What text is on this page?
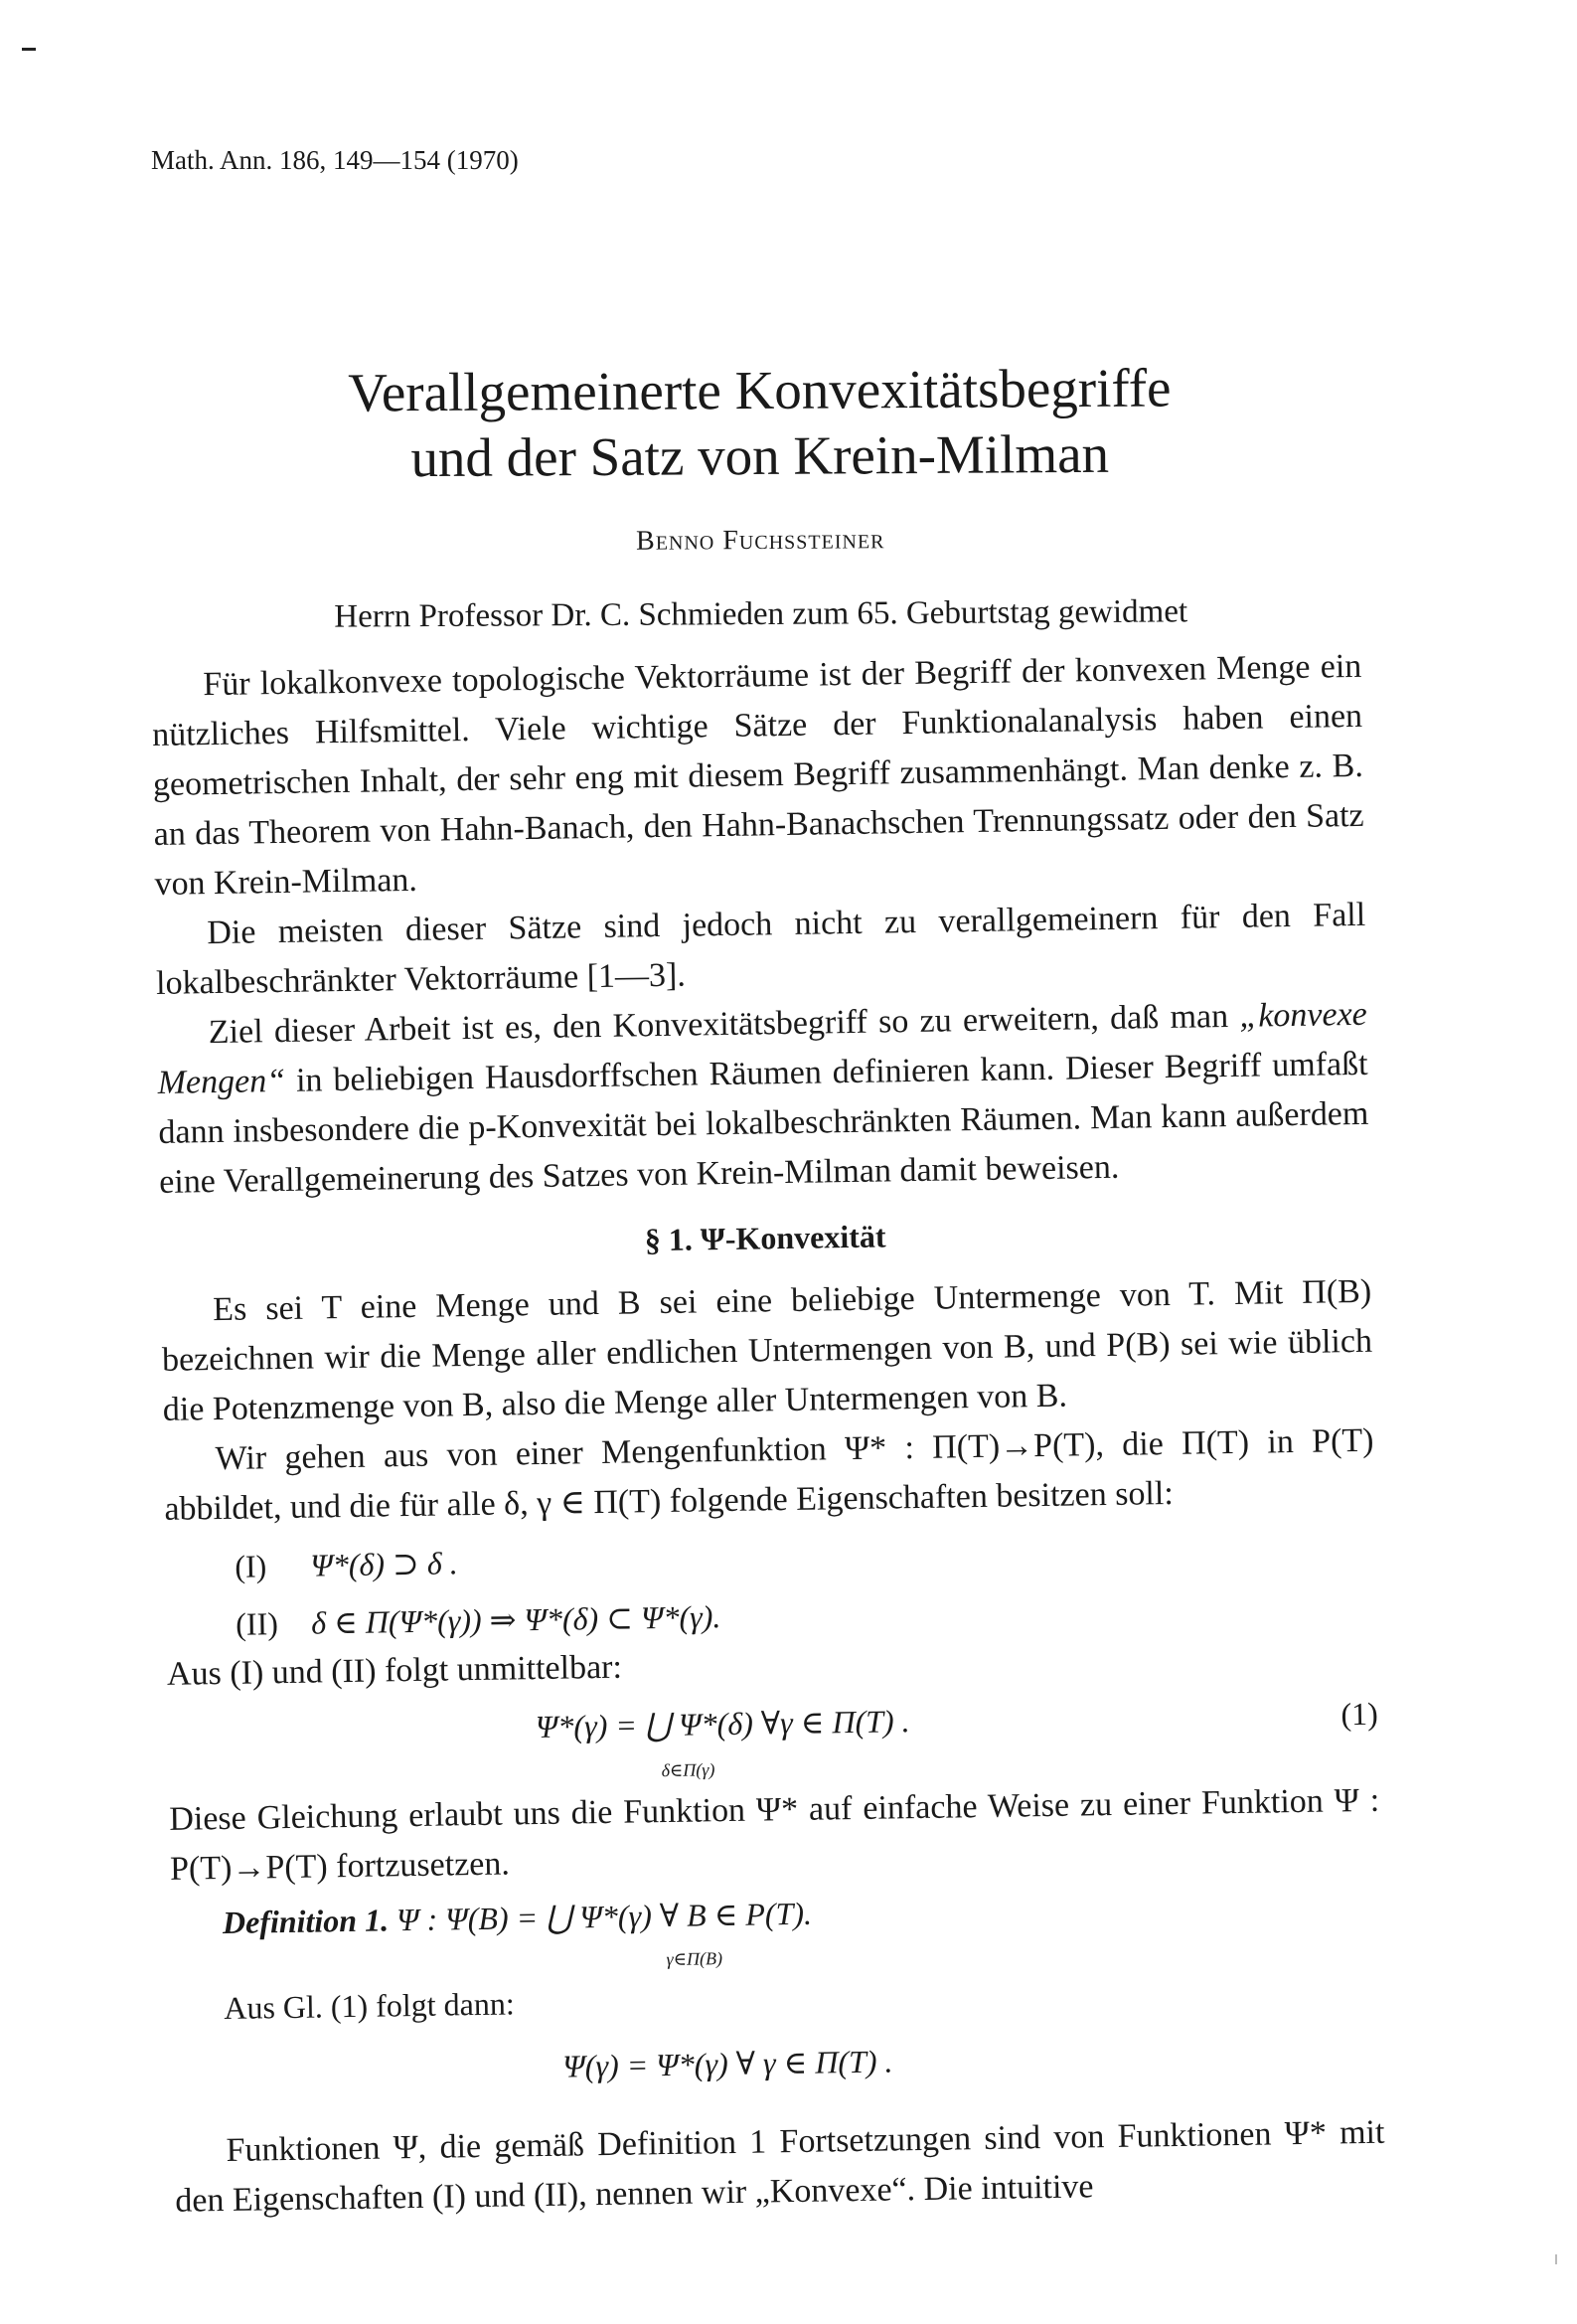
Math. Ann. 186, 149—154 (1970)
Verallgemeinerte Konvexitätsbegriffe
und der Satz von Krein-Milman
Benno Fuchssteiner
Herrn Professor Dr. C. Schmieden zum 65. Geburtstag gewidmet

Für lokalkonvexe topologische Vektorräume ist der Begriff der konvexen Menge ein nützliches Hilfsmittel. Viele wichtige Sätze der Funktionalanalysis haben einen geometrischen Inhalt, der sehr eng mit diesem Begriff zusammenhängt. Man denke z. B. an das Theorem von Hahn-Banach, den Hahn-Banachschen Trennungssatz oder den Satz von Krein-Milman.

Die meisten dieser Sätze sind jedoch nicht zu verallgemeinern für den Fall lokalbeschränkter Vektorräume [1—3].

Ziel dieser Arbeit ist es, den Konvexitätsbegriff so zu erweitern, daß man „konvexe Mengen“ in beliebigen Hausdorffschen Räumen definieren kann. Dieser Begriff umfaßt dann insbesondere die p-Konvexität bei lokalbeschränkten Räumen. Man kann außerdem eine Verallgemeinerung des Satzes von Krein-Milman damit beweisen.

§ 1. Ψ-Konvexität

Es sei T eine Menge und B sei eine beliebige Untermenge von T. Mit Π(B) bezeichnen wir die Menge aller endlichen Untermengen von B, und P(B) sei wie üblich die Potenzmenge von B, also die Menge aller Untermengen von B.

Wir gehen aus von einer Mengenfunktion Ψ* : Π(T)→P(T), die Π(T) in P(T) abbildet, und die für alle δ, γ ∈ Π(T) folgende Eigenschaften besitzen soll:

(I) Ψ*(δ) ⊃ δ .
(II) δ ∈ Π(Ψ*(γ)) ⇒ Ψ*(δ) ⊂ Ψ*(γ).

Aus (I) und (II) folgt unmittelbar:

Ψ*(γ) = ⋃ Ψ*(δ) ∀γ ∈ Π(T) .
δ∈Π(γ)
(1)

Diese Gleichung erlaubt uns die Funktion Ψ* auf einfache Weise zu einer Funktion Ψ : P(T)→P(T) fortzusetzen.

Definition 1. Ψ : Ψ(B) = ⋃ Ψ*(γ) ∀ B ∈ P(T).
γ∈Π(B)
Aus Gl. (1) folgt dann:
Ψ(γ) = Ψ*(γ) ∀ γ ∈ Π(T) .

Funktionen Ψ, die gemäß Definition 1 Fortsetzungen sind von Funktionen Ψ* mit den Eigenschaften (I) und (II), nennen wir „Konvexe“. Die intuitive
